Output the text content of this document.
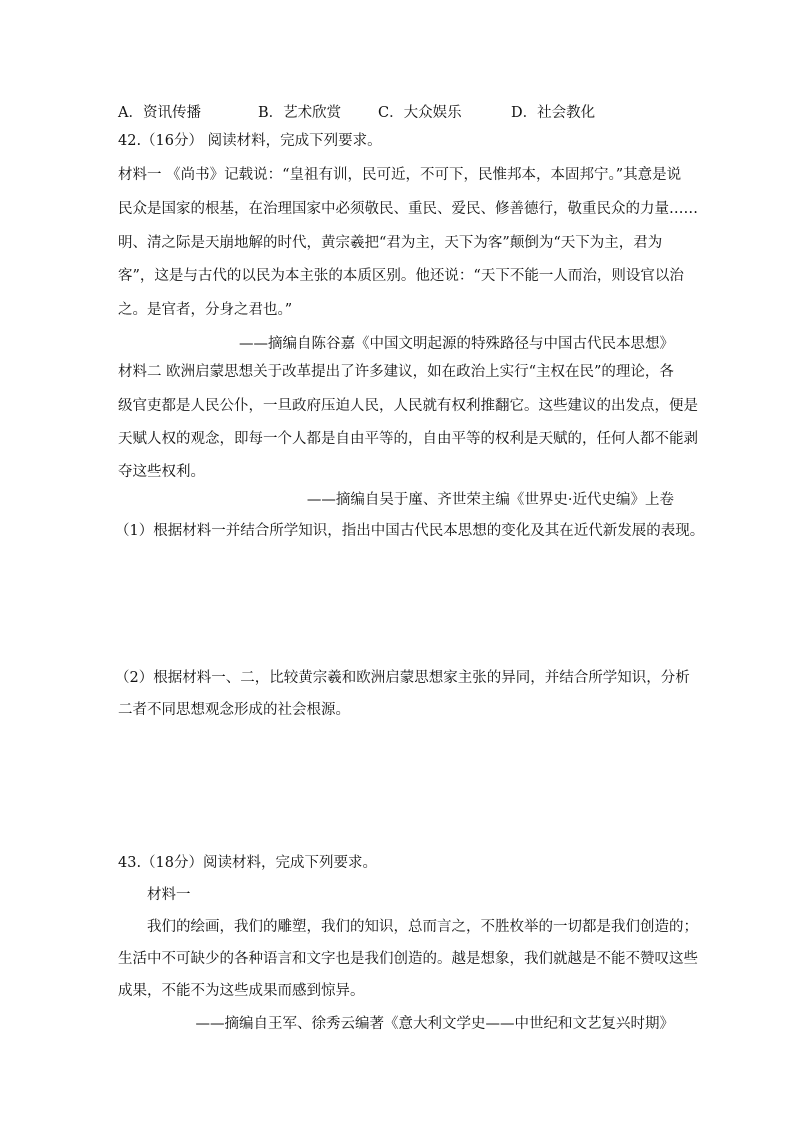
A．资讯传播	B．艺术欣赏	C．大众娱乐	D．社会教化
42.（16分） 阅读材料，完成下列要求。
材料一 《尚书》记载说：“皇祖有训，民可近，不可下，民惟邦本，本固邦宁。”其意是说
民众是国家的根基，在治理国家中必须敬民、重民、爱民、修善德行，敬重民众的力量……
明、清之际是天崩地解的时代，黄宗羲把“君为主，天下为客”颠倒为“天下为主，君为
客”，这是与古代的以民为本主张的本质区别。他还说：“天下不能一人而治，则设官以治
之。是官者，分身之君也。”
——摘编自陈谷嘉《中国文明起源的特殊路径与中国古代民本思想》
材料二 欧洲启蒙思想关于改革提出了许多建议，如在政治上实行“主权在民”的理论，各
级官吏都是人民公仆，一旦政府压迫人民，人民就有权利推翻它。这些建议的出发点，便是
天赋人权的观念，即每一个人都是自由平等的，自由平等的权利是天赋的，任何人都不能剥
夺这些权利。
——摘编自吴于廑、齐世荣主编《世界史·近代史编》上卷
（1）根据材料一并结合所学知识，指出中国古代民本思想的变化及其在近代新发展的表现。
（2）根据材料一、二，比较黄宗羲和欧洲启蒙思想家主张的异同，并结合所学知识，分析
二者不同思想观念形成的社会根源。
43.（18分）阅读材料，完成下列要求。
材料一
我们的绘画，我们的雕塑，我们的知识，总而言之，不胜枚举的一切都是我们创造的；
生活中不可缺少的各种语言和文字也是我们创造的。越是想象，我们就越是不能不赞叹这些
成果，不能不为这些成果而感到惊异。
——摘编自王军、徐秀云编著《意大利文学史——中世纪和文艺复兴时期》
